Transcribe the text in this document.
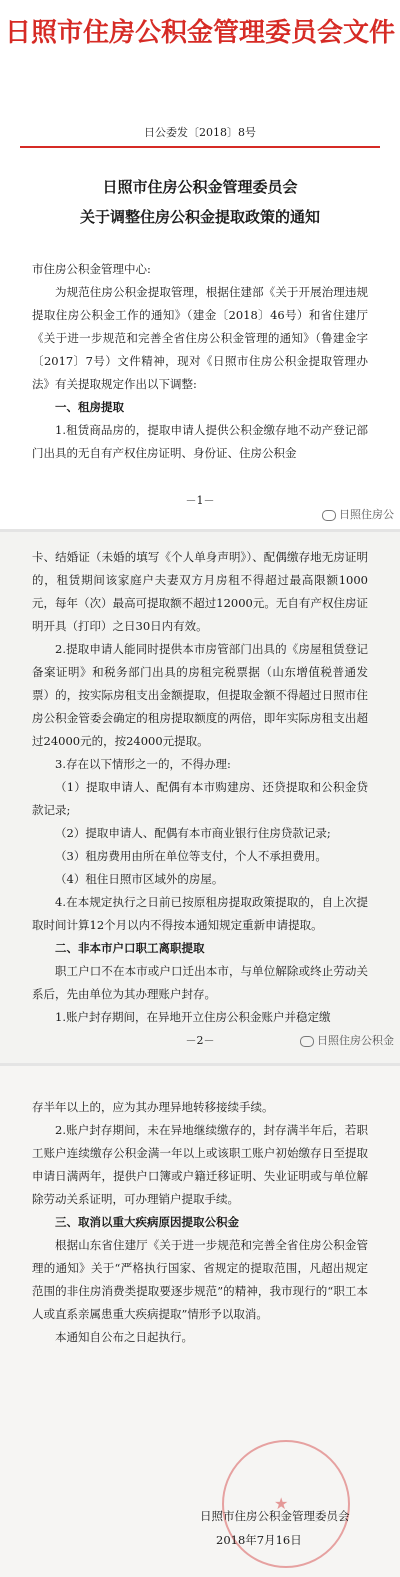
日照市住房公积金管理委员会文件
日公委发〔2018〕8号
日照市住房公积金管理委员会
关于调整住房公积金提取政策的通知

市住房公积金管理中心:

为规范住房公积金提取管理，根据住建部《关于开展治理违规提取住房公积金工作的通知》（建金〔2018〕46号）和省住建厅《关于进一步规范和完善全省住房公积金管理的通知》（鲁建金字〔2017〕7号）文件精神，现对《日照市住房公积金提取管理办法》有关提取规定作出以下调整:

一、租房提取

1.租赁商品房的，提取申请人提供公积金缴存地不动产登记部门出具的无自有产权住房证明、身份证、住房公积金

－1－
日照住房公

卡、结婚证（未婚的填写《个人单身声明》）、配偶缴存地无房证明的，租赁期间该家庭户夫妻双方月房租不得超过最高限额1000元，每年（次）最高可提取额不超过12000元。无自有产权住房证明开具（打印）之日30日内有效。

2.提取申请人能同时提供本市房管部门出具的《房屋租赁登记备案证明》和税务部门出具的房租完税票据（山东增值税普通发票）的，按实际房租支出金额提取，但提取金额不得超过日照市住房公积金管委会确定的租房提取额度的两倍，即年实际房租支出超过24000元的，按24000元提取。

3.存在以下情形之一的，不得办理:

（1）提取申请人、配偶有本市购建房、还贷提取和公积金贷款记录;

（2）提取申请人、配偶有本市商业银行住房贷款记录;

（3）租房费用由所在单位等支付，个人不承担费用。

（4）租住日照市区域外的房屋。

4.在本规定执行之日前已按原租房提取政策提取的，自上次提取时间计算12个月以内不得按本通知规定重新申请提取。

二、非本市户口职工离职提取

职工户口不在本市或户口迁出本市，与单位解除或终止劳动关系后，先由单位为其办理账户封存。

1.账户封存期间，在异地开立住房公积金账户并稳定缴

－2－	日照住房公积金

存半年以上的，应为其办理异地转移接续手续。

2.账户封存期间，未在异地继续缴存的，封存满半年后，若职工账户连续缴存公积金满一年以上或该职工账户初始缴存日至提取申请日满两年，提供户口簿或户籍迁移证明、失业证明或与单位解除劳动关系证明，可办理销户提取手续。

三、取消以重大疾病原因提取公积金

根据山东省住建厅《关于进一步规范和完善全省住房公积金管理的通知》关于“严格执行国家、省规定的提取范围，凡超出规定范围的非住房消费类提取要逐步规范”的精神，我市现行的“职工本人或直系亲属患重大疾病提取”情形予以取消。

本通知自公布之日起执行。

★
日照市住房公积金管理委员会
2018年7月16日
